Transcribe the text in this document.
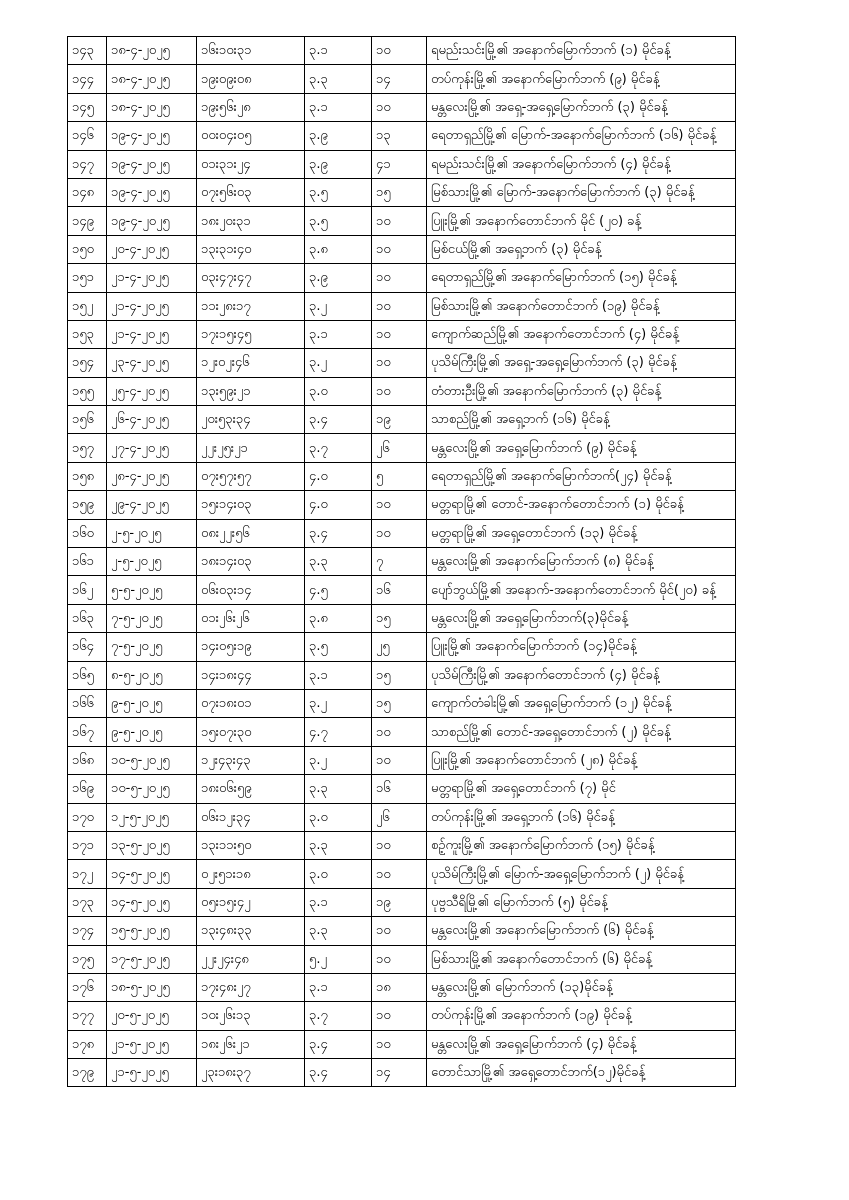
၁၄၃	၁၈-၄-၂၀၂၅	၁၆း၁၀း၃၁	၃.၁	၁၀	ရမည်းသင်းမြို့၏ အနောက်မြောက်ဘက် (၁) မိုင်ခန့်
၁၄၄	၁၈-၄-၂၀၂၅	၁၉း၀၉း၀၈	၃.၃	၁၄	တပ်ကုန်းမြို့၏ အနောက်မြောက်ဘက် (၉) မိုင်ခန့်
၁၄၅	၁၈-၄-၂၀၂၅	၁၉း၅၆း၂၈	၃.၁	၁၀	မန္တလေးမြို့၏ အရှေ့-အရှေ့မြောက်ဘက် (၃) မိုင်ခန့်
၁၄၆	၁၉-၄-၂၀၂၅	၀၀း၀၄း၀၅	၃.၉	၁၃	ရေတာရှည်မြို့၏ မြောက်-အနောက်မြောက်ဘက် (၁၆) မိုင်ခန့်
၁၄၇	၁၉-၄-၂၀၂၅	၀၁း၃၁း၂၄	၃.၉	၄၁	ရမည်းသင်းမြို့၏ အနောက်မြောက်ဘက် (၄) မိုင်ခန့်
၁၄၈	၁၉-၄-၂၀၂၅	၀၇း၅၆း၀၃	၃.၅	၁၅	မြစ်သားမြို့၏ မြောက်-အနောက်မြောက်ဘက် (၃) မိုင်ခန့်
၁၄၉	၁၉-၄-၂၀၂၅	၁၈း၂၀း၃၁	၃.၅	၁၀	ပြူးမြို့၏ အနောက်တောင်ဘက် မိုင် (၂၀) ခန့်
၁၅၀	၂၀-၄-၂၀၂၅	၁၃း၃၁း၄၀	၃.၈	၁၀	မြစ်ငယ်မြို့၏ အရှေ့ဘက် (၃) မိုင်ခန့်
၁၅၁	၂၁-၄-၂၀၂၅	၀၃း၄၇း၄၇	၃.၉	၁၀	ရေတာရှည်မြို့၏ အနောက်မြောက်ဘက် (၁၅) မိုင်ခန့်
၁၅၂	၂၁-၄-၂၀၂၅	၁၁း၂၈း၁၇	၃.၂	၁၀	မြစ်သားမြို့၏ အနောက်တောင်ဘက် (၁၉) မိုင်ခန့်
၁၅၃	၂၁-၄-၂၀၂၅	၁၇း၁၅း၄၅	၃.၁	၁၀	ကျောက်ဆည်မြို့၏ အနောက်တောင်ဘက် (၄) မိုင်ခန့်
၁၅၄	၂၃-၄-၂၀၂၅	၁၂း၀၂း၄၆	၃.၂	၁၀	ပုသိမ်ကြီးမြို့၏ အရှေ့-အရှေ့မြောက်ဘက် (၃) မိုင်ခန့်
၁၅၅	၂၅-၄-၂၀၂၅	၁၃း၅၉း၂၁	၃.၀	၁၀	တံတားဦးမြို့၏ အနောက်မြောက်ဘက် (၃) မိုင်ခန့်
၁၅၆	၂၆-၄-၂၀၂၅	၂၀း၅၃း၃၄	၃.၄	၁၉	သာစည်မြို့၏ အရှေ့ဘက် (၁၆) မိုင်ခန့်
၁၅၇	၂၇-၄-၂၀၂၅	၂၂း၂၅း၂၁	၃.၇	၂၆	မန္တလေးမြို့၏ အရှေ့မြောက်ဘက် (၉) မိုင်ခန့်
၁၅၈	၂၈-၄-၂၀၂၅	၀၇း၅၇း၅၇	၄.၀	၅	ရေတာရှည်မြို့၏ အနောက်မြောက်ဘက်(၂၄) မိုင်ခန့်
၁၅၉	၂၉-၄-၂၀၂၅	၁၅း၁၄း၀၃	၄.၀	၁၀	မတ္တရာမြို့၏ တောင်-အနောက်တောင်ဘက် (၁) မိုင်ခန့်
၁၆၀	၂-၅-၂၀၂၅	၀၈း၂၂း၅၆	၃.၄	၁၀	မတ္တရာမြို့၏ အရှေ့တောင်ဘက် (၁၃) မိုင်ခန့်
၁၆၁	၂-၅-၂၀၂၅	၁၈း၁၄း၀၃	၃.၃	၇	မန္တလေးမြို့၏ အနောက်မြောက်ဘက် (၈) မိုင်ခန့်
၁၆၂	၅-၅-၂၀၂၅	၀၆း၀၃း၁၄	၄.၅	၁၆	ပျော်ဘွယ်မြို့၏ အနောက်-အနောက်တောင်ဘက် မိုင်(၂၀) ခန့်
၁၆၃	၇-၅-၂၀၂၅	၀၁း၂၆း၂၆	၃.၈	၁၅	မန္တလေးမြို့၏ အရှေ့မြောက်ဘက်(၃)မိုင်ခန့်
၁၆၄	၇-၅-၂၀၂၅	၁၄း၀၅း၁၉	၃.၅	၂၅	ပြူးမြို့၏ အနောက်မြောက်ဘက် (၁၄)မိုင်ခန့်
၁၆၅	၈-၅-၂၀၂၅	၁၄း၁၈း၄၄	၃.၁	၁၅	ပုသိမ်ကြီးမြို့၏ အနောက်တောင်ဘက် (၄) မိုင်ခန့်
၁၆၆	၉-၅-၂၀၂၅	၀၇း၁၈း၀၁	၃.၂	၁၅	ကျောက်တံခါးမြို့၏ အရှေ့မြောက်ဘက် (၁၂) မိုင်ခန့်
၁၆၇	၉-၅-၂၀၂၅	၁၅း၀၇း၃၀	၄.၇	၁၀	သာစည်မြို့၏ တောင်-အရှေ့တောင်ဘက် (၂) မိုင်ခန့်
၁၆၈	၁၀-၅-၂၀၂၅	၁၂း၄၃း၄၃	၃.၂	၁၀	ပြူးမြို့၏ အနောက်တောင်ဘက် (၂၈) မိုင်ခန့်
၁၆၉	၁၀-၅-၂၀၂၅	၁၈း၀၆း၅၉	၃.၃	၁၆	မတ္တရာမြို့၏ အရှေ့တောင်ဘက် (၇) မိုင်
၁၇၀	၁၂-၅-၂၀၂၅	၀၆း၁၂း၃၄	၃.၀	၂၆	တပ်ကုန်းမြို့၏ အရှေ့ဘက် (၁၆) မိုင်ခန့်
၁၇၁	၁၃-၅-၂၀၂၅	၁၃း၁၁း၅၀	၃.၃	၁၀	စဉ့်ကူးမြို့၏ အနောက်မြောက်ဘက် (၁၅) မိုင်ခန့်
၁၇၂	၁၄-၅-၂၀၂၅	၀၂း၅၁း၁၈	၃.၀	၁၀	ပုသိမ်ကြီးမြို့၏ မြောက်-အရှေ့မြောက်ဘက် (၂) မိုင်ခန့်
၁၇၃	၁၄-၅-၂၀၂၅	၀၅း၁၅း၄၂	၃.၁	၁၉	ပုဗ္ဗသီရိမြို့၏ မြောက်ဘက် (၅) မိုင်ခန့်
၁၇၄	၁၅-၅-၂၀၂၅	၁၃း၄၈း၃၃	၃.၃	၁၀	မန္တလေးမြို့၏ အနောက်မြောက်ဘက် (၆) မိုင်ခန့်
၁၇၅	၁၇-၅-၂၀၂၅	၂၂း၂၄း၄၈	၅.၂	၁၀	မြစ်သားမြို့၏ အနောက်တောင်ဘက် (၆) မိုင်ခန့်
၁၇၆	၁၈-၅-၂၀၂၅	၁၇း၄၈း၂၇	၃.၁	၁၈	မန္တလေးမြို့၏ မြောက်ဘက် (၁၃)မိုင်ခန့်
၁၇၇	၂၀-၅-၂၀၂၅	၁၀း၂၆း၁၃	၃.၇	၁၀	တပ်ကုန်းမြို့၏ အနောက်ဘက် (၁၉) မိုင်ခန့်
၁၇၈	၂၁-၅-၂၀၂၅	၁၈း၂၆း၂၁	၃.၄	၁၀	မန္တလေးမြို့၏ အရှေ့မြောက်ဘက် (၄) မိုင်ခန့်
၁၇၉	၂၁-၅-၂၀၂၅	၂၃း၁၈း၃၇	၃.၄	၁၄	တောင်သာမြို့၏ အရှေ့တောင်ဘက်(၁၂)မိုင်ခန့်
